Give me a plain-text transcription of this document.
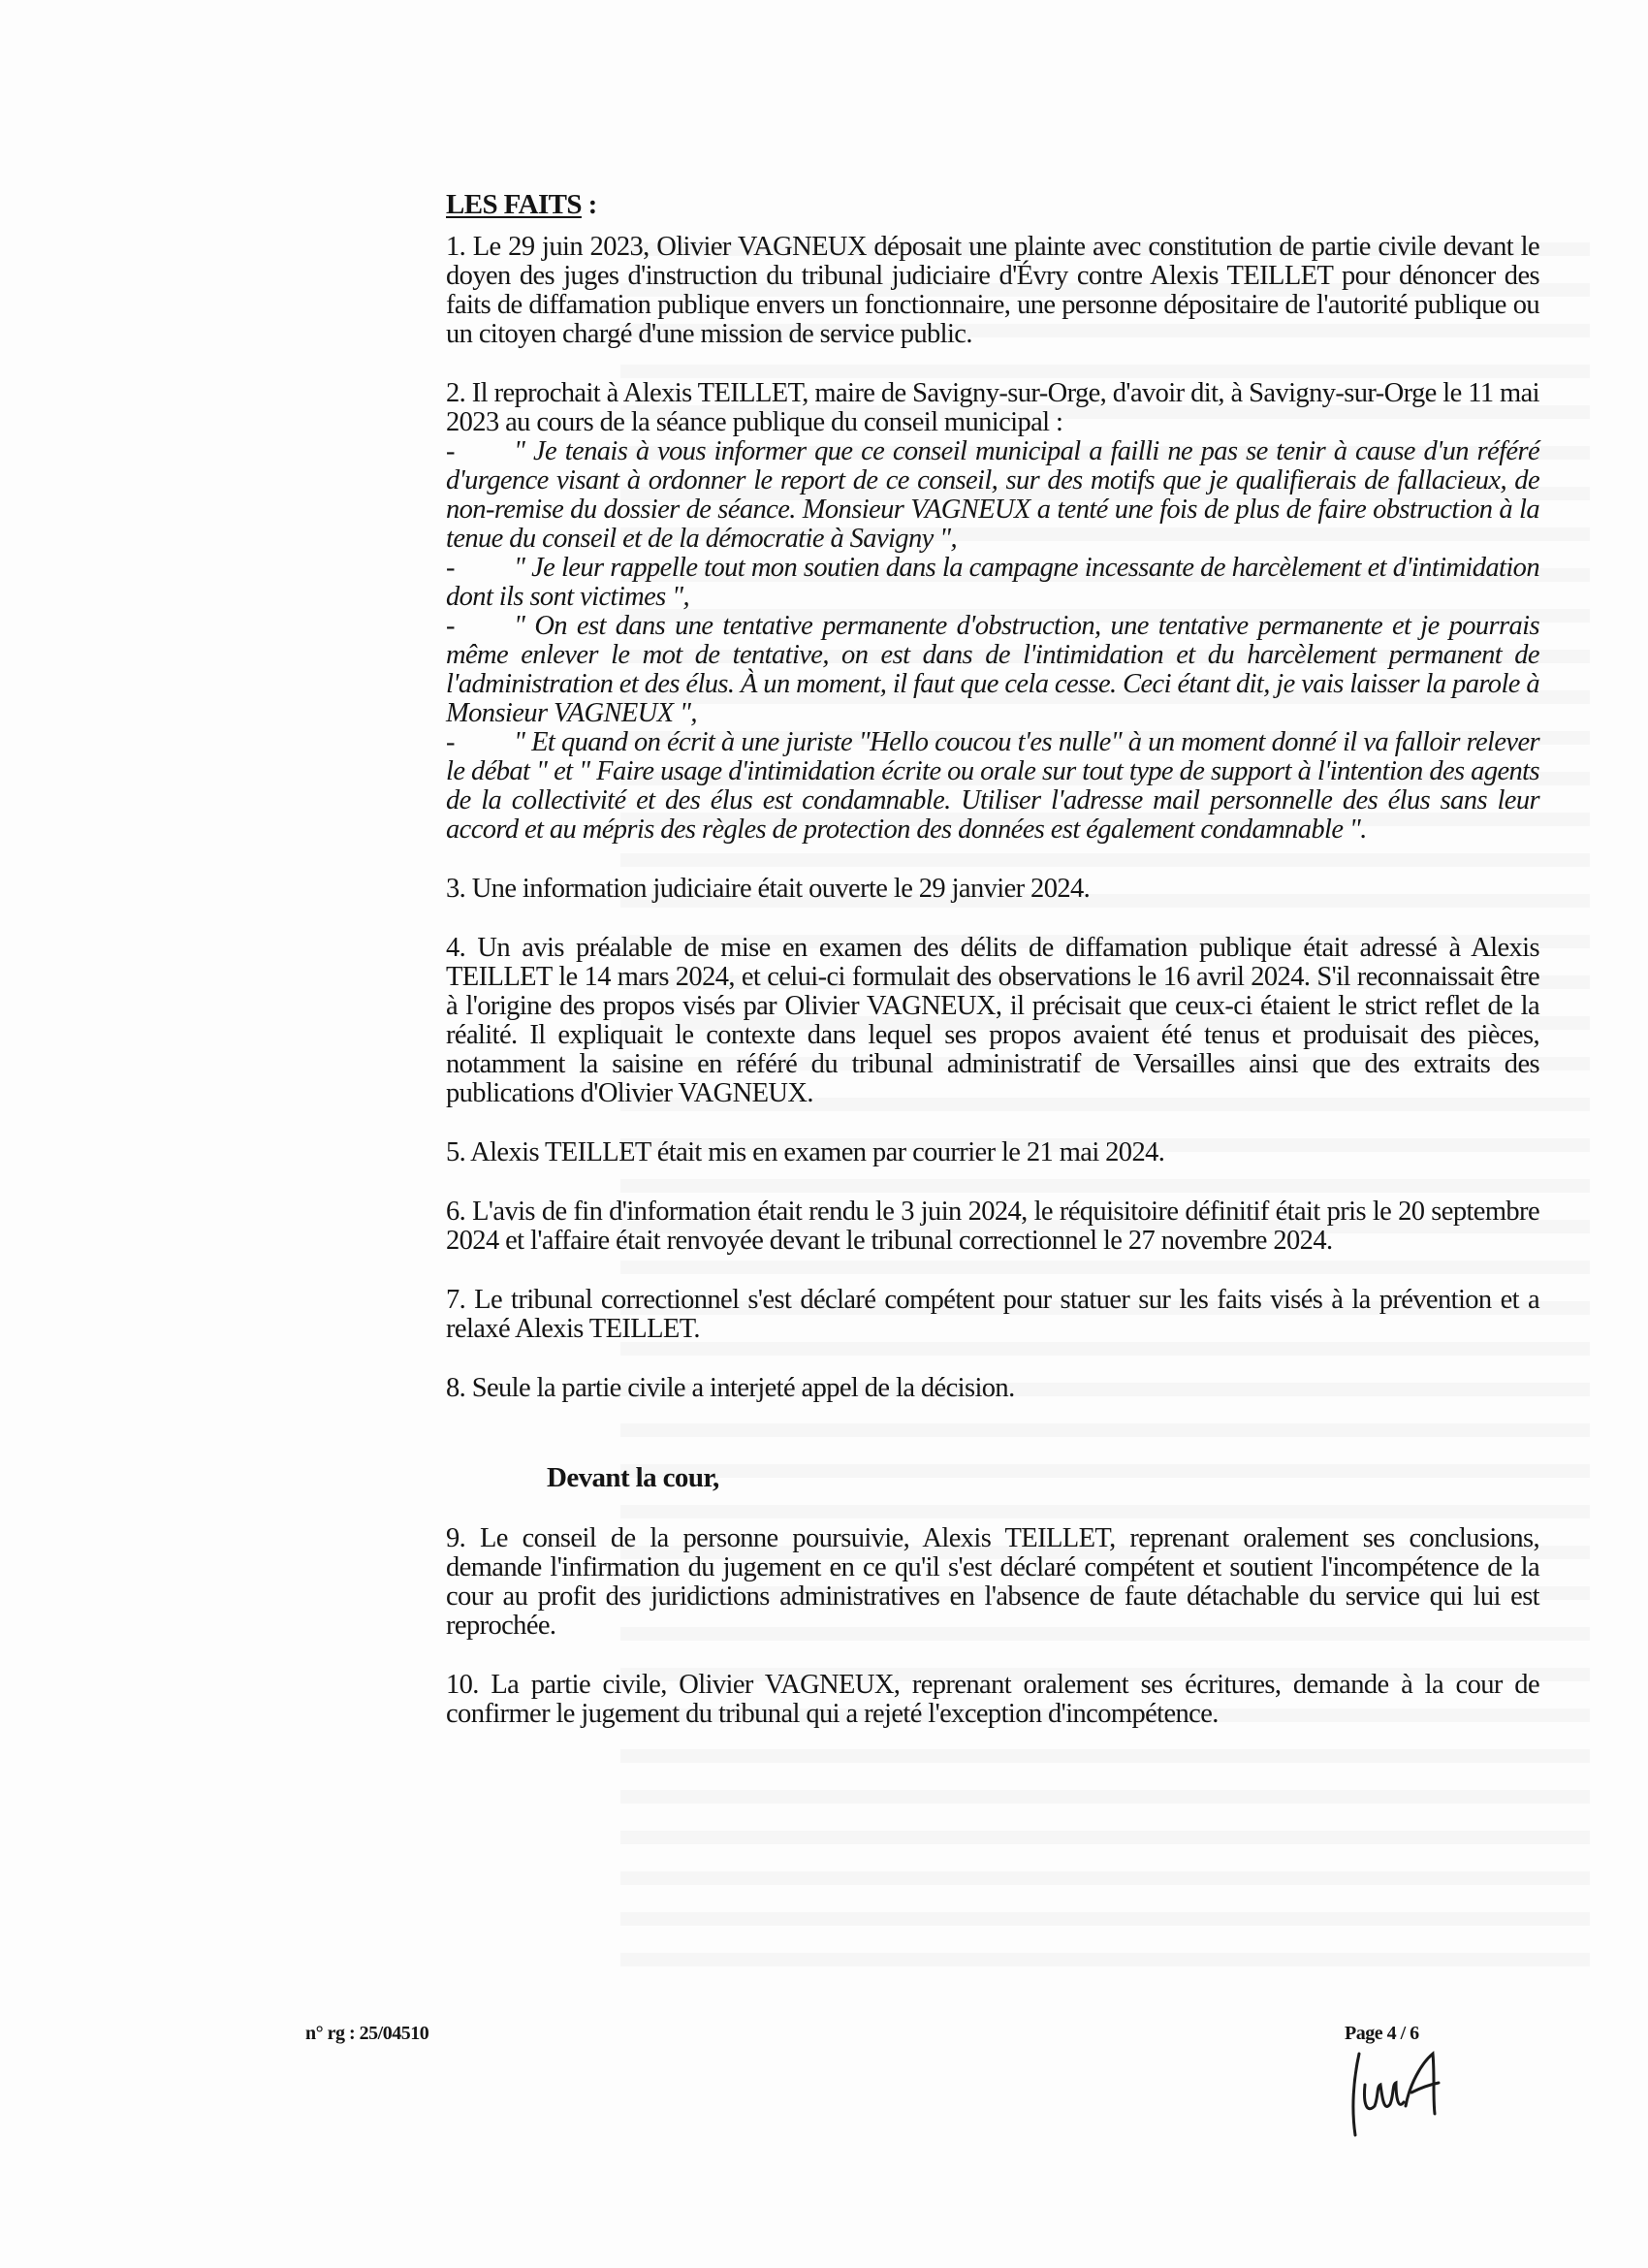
LES FAITS :

1. Le 29 juin 2023, Olivier VAGNEUX déposait une plainte avec constitution de partie civile devant le doyen des juges d'instruction du tribunal judiciaire d'Évry contre Alexis TEILLET pour dénoncer des faits de diffamation publique envers un fonctionnaire, une personne dépositaire de l'autorité publique ou un citoyen chargé d'une mission de service public.

2. Il reprochait à Alexis TEILLET, maire de Savigny-sur-Orge, d'avoir dit, à Savigny-sur-Orge le 11 mai 2023 au cours de la séance publique du conseil municipal :

- " Je tenais à vous informer que ce conseil municipal a failli ne pas se tenir à cause d'un référé d'urgence visant à ordonner le report de ce conseil, sur des motifs que je qualifierais de fallacieux, de non-remise du dossier de séance. Monsieur VAGNEUX a tenté une fois de plus de faire obstruction à la tenue du conseil et de la démocratie à Savigny ",

- " Je leur rappelle tout mon soutien dans la campagne incessante de harcèlement et d'intimidation dont ils sont victimes ",

- " On est dans une tentative permanente d'obstruction, une tentative permanente et je pourrais même enlever le mot de tentative, on est dans de l'intimidation et du harcèlement permanent de l'administration et des élus. À un moment, il faut que cela cesse. Ceci étant dit, je vais laisser la parole à Monsieur VAGNEUX ",

- " Et quand on écrit à une juriste "Hello coucou t'es nulle" à un moment donné il va falloir relever le débat " et " Faire usage d'intimidation écrite ou orale sur tout type de support à l'intention des agents de la collectivité et des élus est condamnable. Utiliser l'adresse mail personnelle des élus sans leur accord et au mépris des règles de protection des données est également condamnable ".

3. Une information judiciaire était ouverte le 29 janvier 2024.

4. Un avis préalable de mise en examen des délits de diffamation publique était adressé à Alexis TEILLET le 14 mars 2024, et celui-ci formulait des observations le 16 avril 2024. S'il reconnaissait être à l'origine des propos visés par Olivier VAGNEUX, il précisait que ceux-ci étaient le strict reflet de la réalité. Il expliquait le contexte dans lequel ses propos avaient été tenus et produisait des pièces, notamment la saisine en référé du tribunal administratif de Versailles ainsi que des extraits des publications d'Olivier VAGNEUX.

5. Alexis TEILLET était mis en examen par courrier le 21 mai 2024.

6. L'avis de fin d'information était rendu le 3 juin 2024, le réquisitoire définitif était pris le 20 septembre 2024 et l'affaire était renvoyée devant le tribunal correctionnel le 27 novembre 2024.

7. Le tribunal correctionnel s'est déclaré compétent pour statuer sur les faits visés à la prévention et a relaxé Alexis TEILLET.

8. Seule la partie civile a interjeté appel de la décision.

Devant la cour,

9. Le conseil de la personne poursuivie, Alexis TEILLET, reprenant oralement ses conclusions, demande l'infirmation du jugement en ce qu'il s'est déclaré compétent et soutient l'incompétence de la cour au profit des juridictions administratives en l'absence de faute détachable du service qui lui est reprochée.

10. La partie civile, Olivier VAGNEUX, reprenant oralement ses écritures, demande à la cour de confirmer le jugement du tribunal qui a rejeté l'exception d'incompétence.

n° rg : 25/04510	Page 4 / 6
